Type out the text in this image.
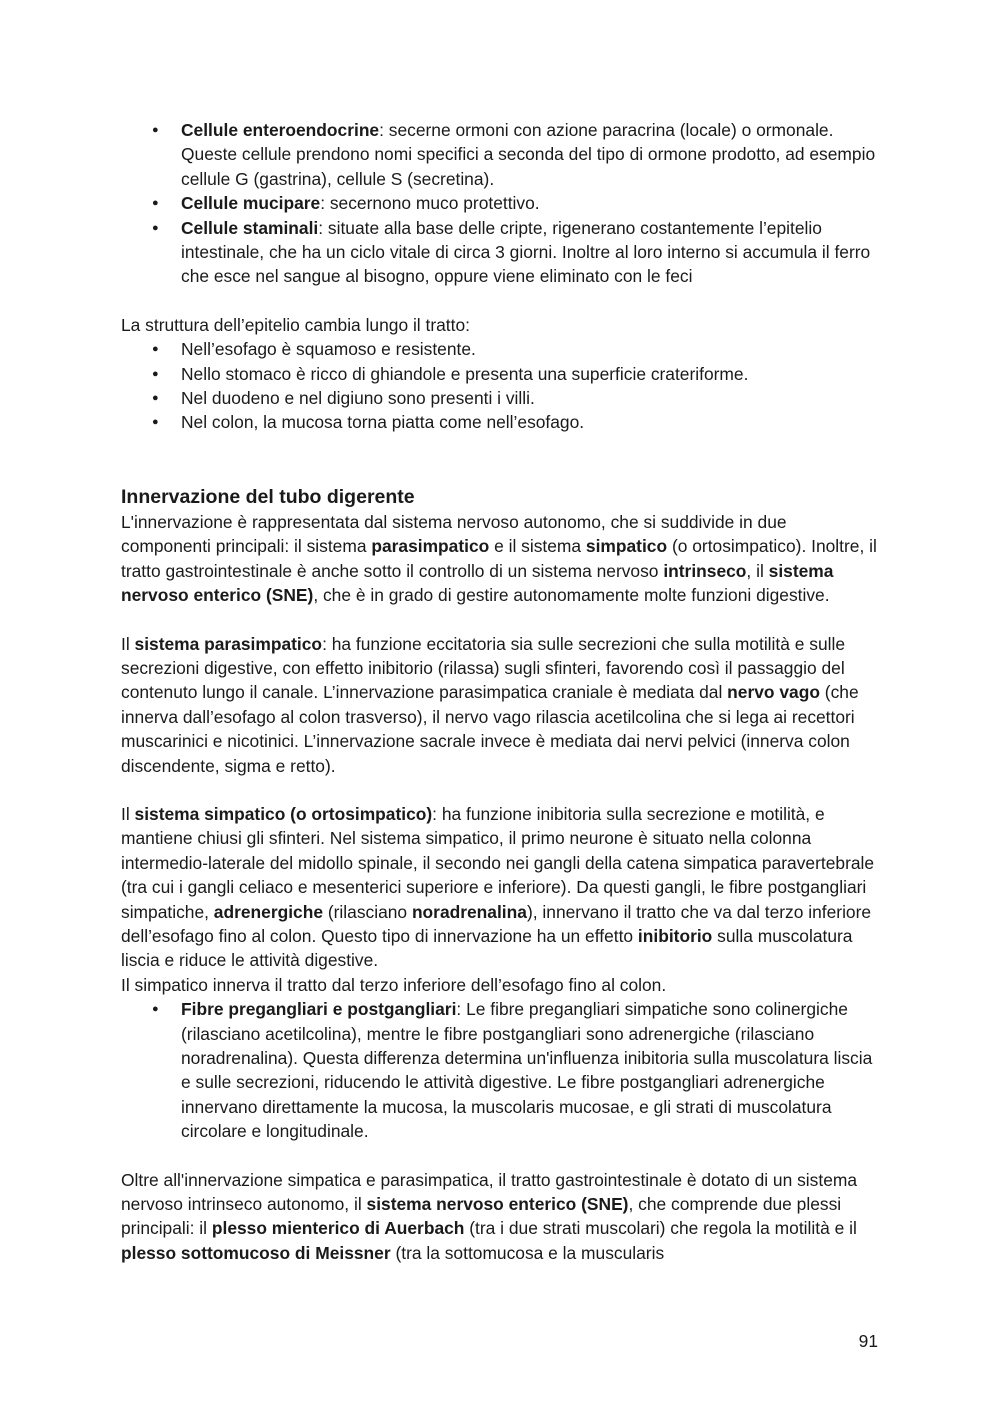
● Cellule enteroendocrine: secerne ormoni con azione paracrina (locale) o ormonale. Queste cellule prendono nomi specifici a seconda del tipo di ormone prodotto, ad esempio cellule G (gastrina), cellule S (secretina).
● Cellule mucipare: secernono muco protettivo.
● Cellule staminali: situate alla base delle cripte, rigenerano costantemente l’epitelio intestinale, che ha un ciclo vitale di circa 3 giorni. Inoltre al loro interno si accumula il ferro che esce nel sangue al bisogno, oppure viene eliminato con le feci

La struttura dell’epitelio cambia lungo il tratto:

● Nell’esofago è squamoso e resistente.
● Nello stomaco è ricco di ghiandole e presenta una superficie crateriforme.
● Nel duodeno e nel digiuno sono presenti i villi.
● Nel colon, la mucosa torna piatta come nell’esofago.
Innervazione del tubo digerente

L'innervazione è rappresentata dal sistema nervoso autonomo, che si suddivide in due componenti principali: il sistema parasimpatico e il sistema simpatico (o ortosimpatico). Inoltre, il tratto gastrointestinale è anche sotto il controllo di un sistema nervoso intrinseco, il sistema nervoso enterico (SNE), che è in grado di gestire autonomamente molte funzioni digestive.

Il sistema parasimpatico: ha funzione eccitatoria sia sulle secrezioni che sulla motilità e sulle secrezioni digestive, con effetto inibitorio (rilassa) sugli sfinteri, favorendo così il passaggio del contenuto lungo il canale. L’innervazione parasimpatica craniale è mediata dal nervo vago (che innerva dall’esofago al colon trasverso), il nervo vago rilascia acetilcolina che si lega ai recettori muscarinici e nicotinici. L’innervazione sacrale invece è mediata dai nervi pelvici (innerva colon discendente, sigma e retto).

Il sistema simpatico (o ortosimpatico): ha funzione inibitoria sulla secrezione e motilità, e mantiene chiusi gli sfinteri. Nel sistema simpatico, il primo neurone è situato nella colonna intermedio-laterale del midollo spinale, il secondo nei gangli della catena simpatica paravertebrale (tra cui i gangli celiaco e mesenterici superiore e inferiore). Da questi gangli, le fibre postgangliari simpatiche, adrenergiche (rilasciano noradrenalina), innervano il tratto che va dal terzo inferiore dell’esofago fino al colon. Questo tipo di innervazione ha un effetto inibitorio sulla muscolatura liscia e riduce le attività digestive.

Il simpatico innerva il tratto dal terzo inferiore dell’esofago fino al colon.

● Fibre pregangliari e postgangliari: Le fibre pregangliari simpatiche sono colinergiche (rilasciano acetilcolina), mentre le fibre postgangliari sono adrenergiche (rilasciano noradrenalina). Questa differenza determina un'influenza inibitoria sulla muscolatura liscia e sulle secrezioni, riducendo le attività digestive. Le fibre postgangliari adrenergiche innervano direttamente la mucosa, la muscolaris mucosae, e gli strati di muscolatura circolare e longitudinale.

Oltre all'innervazione simpatica e parasimpatica, il tratto gastrointestinale è dotato di un sistema nervoso intrinseco autonomo, il sistema nervoso enterico (SNE), che comprende due plessi principali: il plesso mienterico di Auerbach (tra i due strati muscolari) che regola la motilità e il plesso sottomucoso di Meissner (tra la sottomucosa e la muscularis

91
